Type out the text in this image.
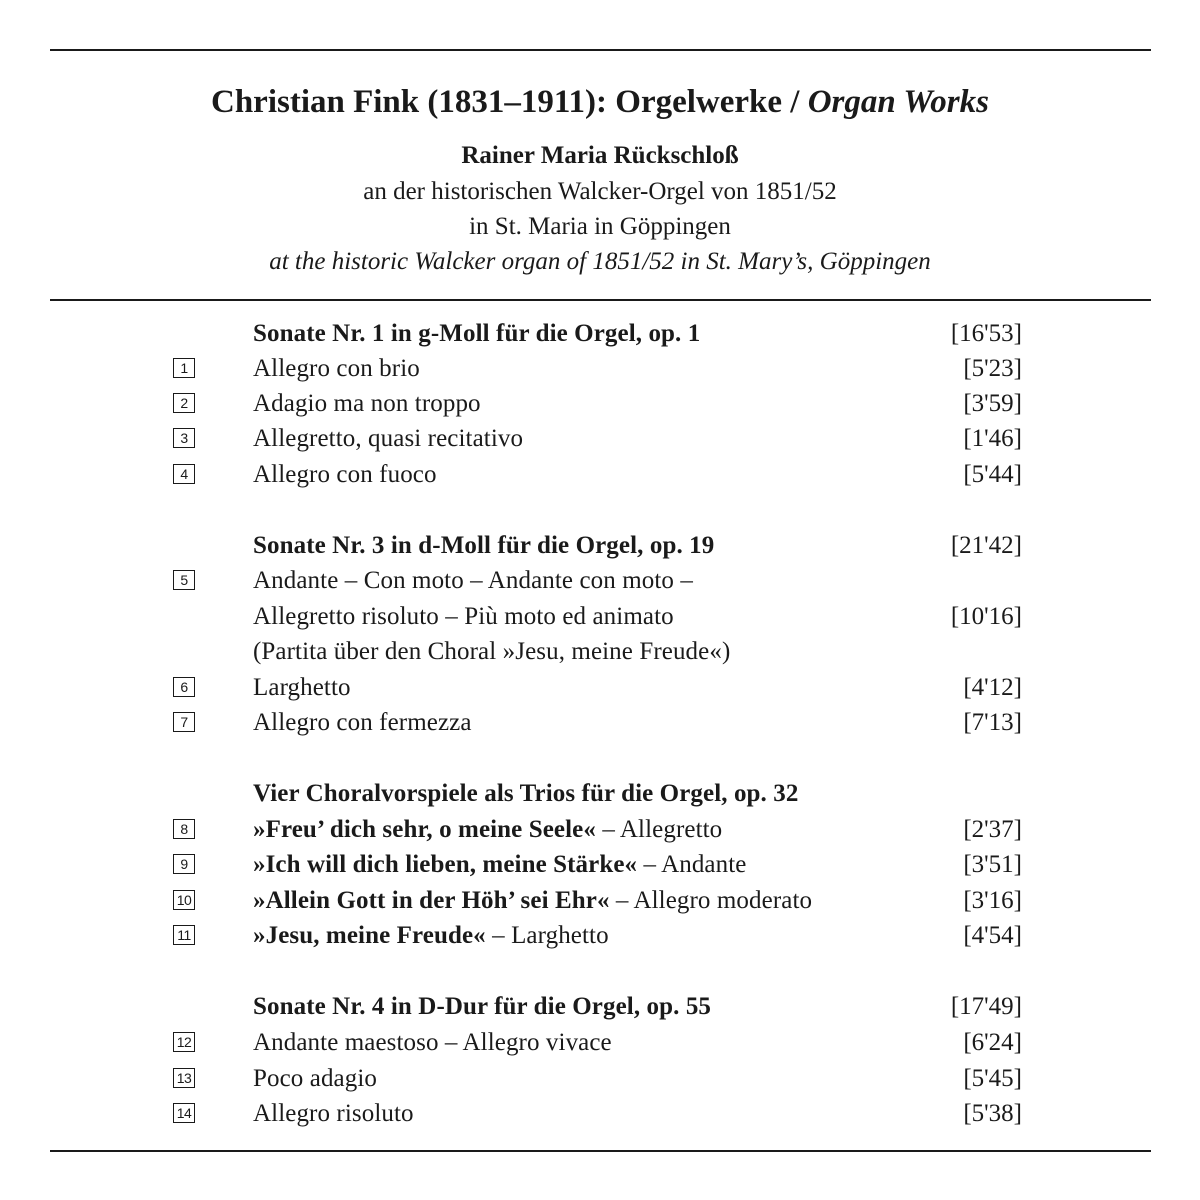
Christian Fink (1831–1911): Orgelwerke / Organ Works
Rainer Maria Rückschloß
an der historischen Walcker-Orgel von 1851/52
in St. Maria in Göppingen
at the historic Walcker organ of 1851/52 in St. Mary’s, Göppingen
Sonate Nr. 1 in g-Moll für die Orgel, op. 1	[16'53]
1	Allegro con brio	[5'23]
2	Adagio ma non troppo	[3'59]
3	Allegretto, quasi recitativo	[1'46]
4	Allegro con fuoco	[5'44]
Sonate Nr. 3 in d-Moll für die Orgel, op. 19	[21'42]
5	Andante – Con moto – Andante con moto –
Allegretto risoluto – Più moto ed animato	[10'16]
(Partita über den Choral »Jesu, meine Freude«)
6	Larghetto	[4'12]
7	Allegro con fermezza	[7'13]
Vier Choralvorspiele als Trios für die Orgel, op. 32
8	»Freu’ dich sehr, o meine Seele« – Allegretto	[2'37]
9	»Ich will dich lieben, meine Stärke« – Andante	[3'51]
10 »Allein Gott in der Höh’ sei Ehr« – Allegro moderato	[3'16]
11 »Jesu, meine Freude« – Larghetto	[4'54]
Sonate Nr. 4 in D-Dur für die Orgel, op. 55	[17'49]
12 Andante maestoso – Allegro vivace	[6'24]
13 Poco adagio	[5'45]
14 Allegro risoluto	[5'38]
